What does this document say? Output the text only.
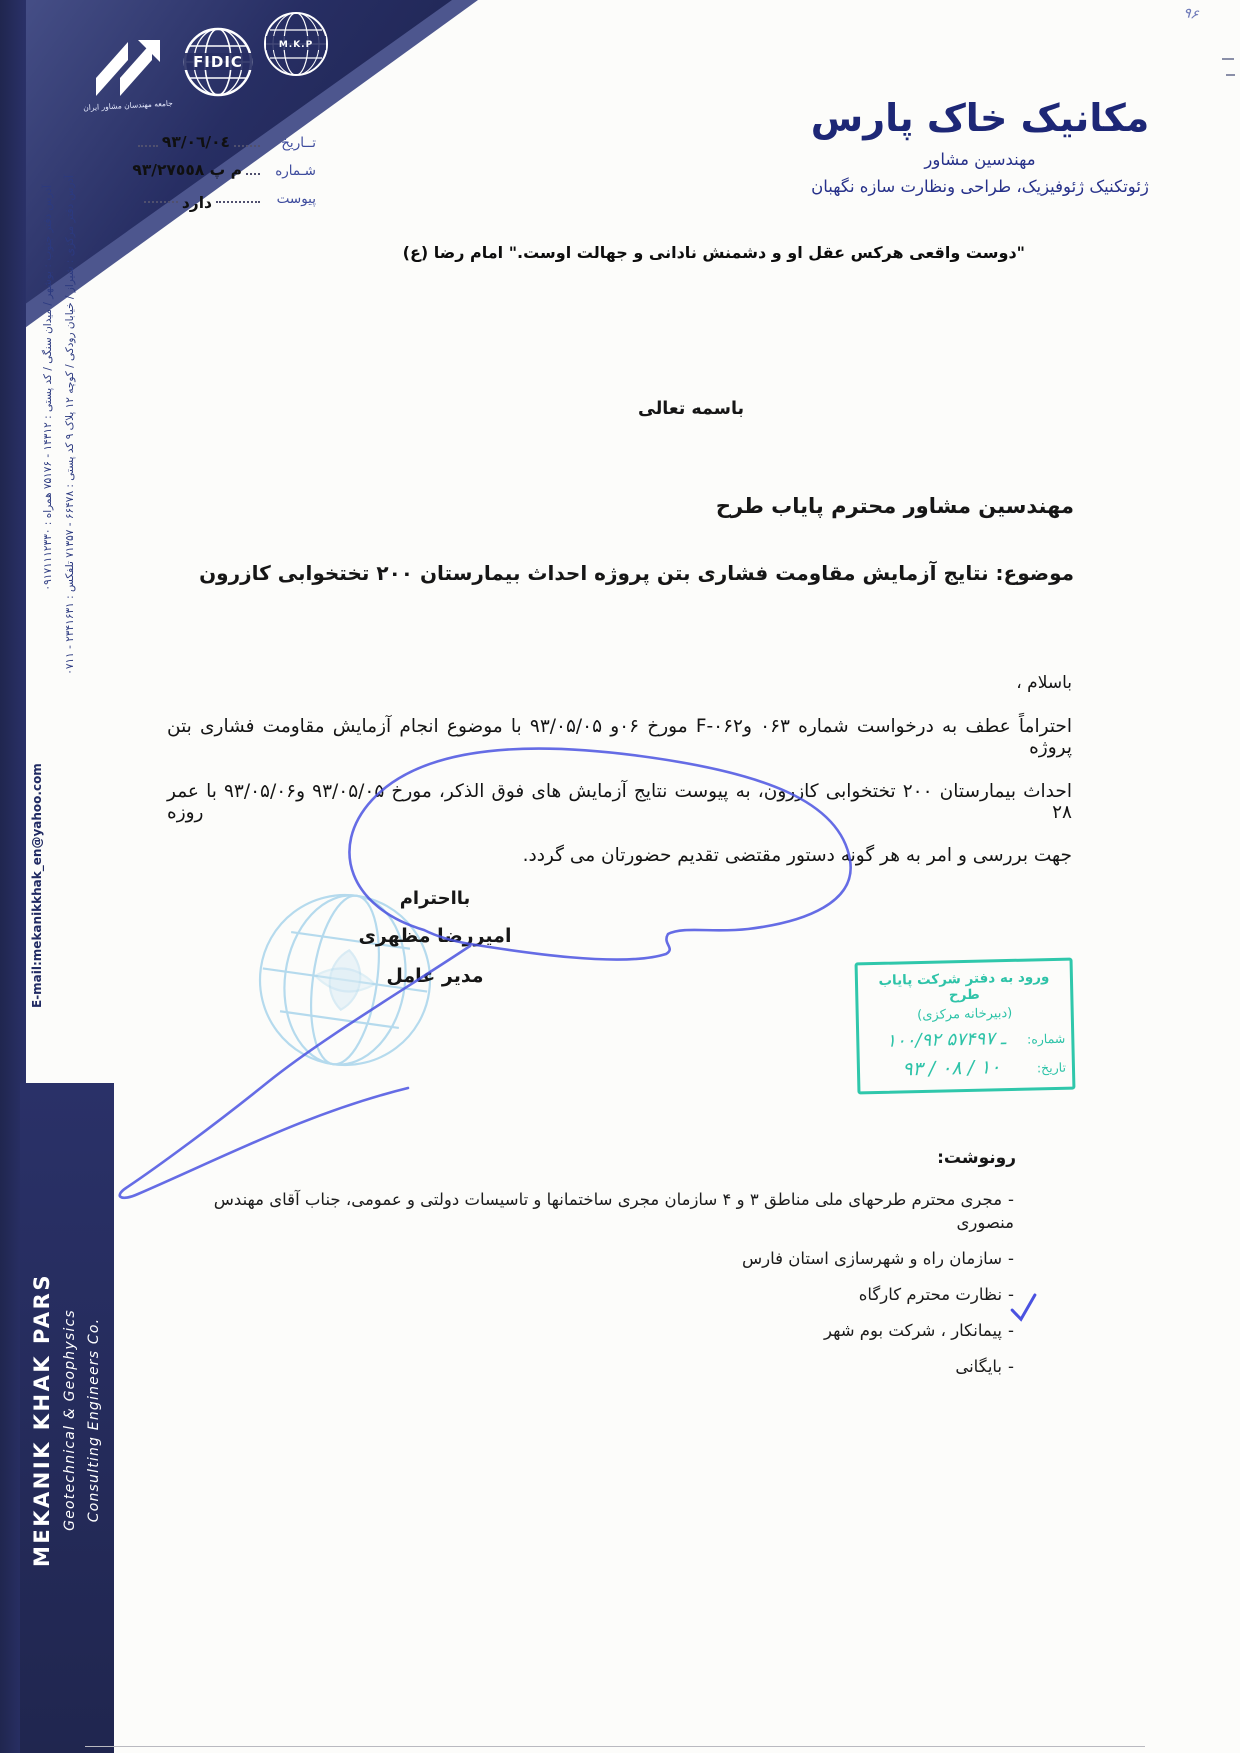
جامعه مهندسان مشاور ایران
FIDIC
M.K.P
۹۶
مکانیک خاک پارس
مهندسین مشاور
ژئوتکنیک ژئوفیزیک، طراحی ونظارت سازه نگهبان
تــاریخ٩٣/٠٦/٠٤
شـمارهم پ ٩٣/٢٧٥٥٨
پیوستدارد
"دوست واقعی هرکس عقل او و دشمنش نادانی و جهالت اوست." امام رضا (ع)
باسمه تعالی
مهندسین مشاور محترم پایاب طرح
موضوع: نتایج آزمایش مقاومت فشاری بتن پروژه احداث بیمارستان ۲۰۰ تختخوابی کازرون
باسلام ،
احتراماً عطف به درخواست شماره ۰۶۳ وF-۰۶۲ مورخ ۰۶و ۹۳/۰۵/۰۵ با موضوع انجام آزمایش مقاومت فشاری بتن پروژه
احداث بیمارستان ۲۰۰ تختخوابی کازرون، به پیوست نتایج آزمایش های فوق الذکر، مورخ ۹۳/۰۵/۰۵ و۹۳/۰۵/۰۶ با عمر ۲۸ روزه
جهت بررسی و امر به هر گونه دستور مقتضی تقدیم حضورتان می گردد.
بااحترام
امیررضا مظهری
مدیر عامل	ورود به دفتر شرکت پایاب طرح
(دبیرخانه مرکزی)
شماره:
۱۰۰/۹۲ ـ ۵۷۴۹۷
تاریخ:
۹۳ / ۰۸ / ۱۰
رونوشت:
-مجری محترم طرحهای ملی مناطق ۳ و ۴ سازمان مجری ساختمانها و تاسیسات دولتی و عمومی، جناب آقای مهندس منصوری
-سازمان راه و شهرسازی استان فارس
-نظارت محترم کارگاه
-پیمانکار ، شرکت بوم شهر
-بایگانی
آدرس دفتر مرکزی : شیراز / خیابان رودکی / کوچه ۱۲ پلاک ۹ کد پستی : ۶۶۴۷۸ - ۷۱۳۵۷ تلفکس : ۲۳۴۱۶۳۱ - ۰۷۱۱
آدرس دفتر جنوب : بوشهر / میدان سنگی / کد پستی : ۱۴۳۱۲ - ۷۵۱۷۶ همراه : ۰۹۱۷۱۱۱۲۳۳۰
E-mail:mekanikkhak_en@yahoo.com
MEKANIK KHAK PARS Geotechnical & Geophysics Consulting Engineers Co.
